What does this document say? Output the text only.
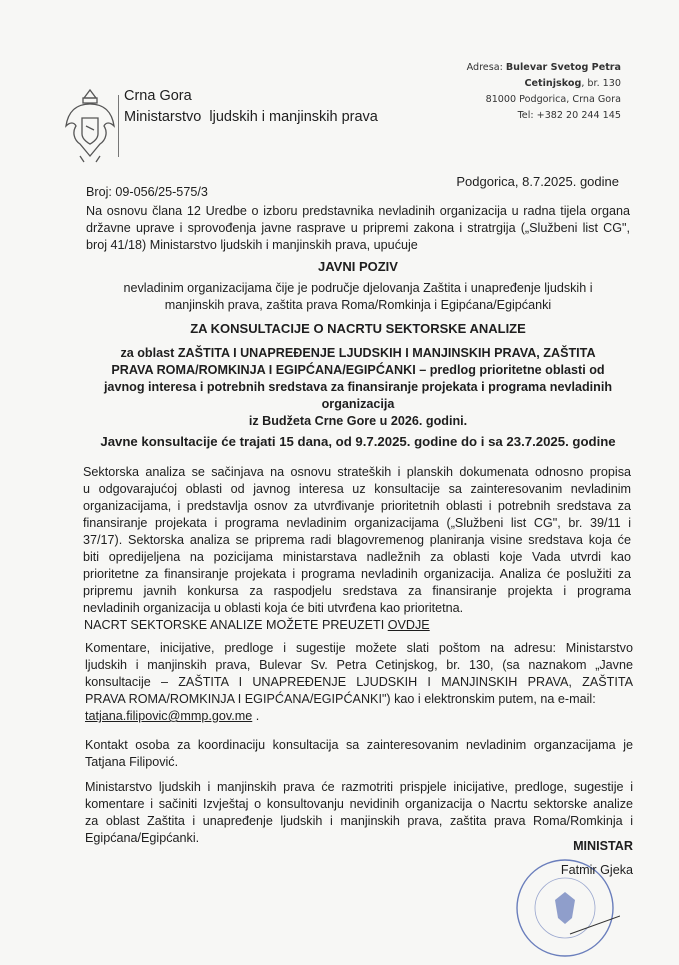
Crna Gora
Ministarstvo  ljudskih i manjinskih prava
Adresa: Bulevar Svetog Petra
Cetinjskog, br. 130
81000 Podgorica, Crna Gora
Tel: +382 20 244 145
Podgorica, 8.7.2025. godine
Broj: 09-056/25-575/3
Na osnovu člana 12 Uredbe o izboru predstavnika nevladinih organizacija u radna tijela organa
državne uprave i sprovođenja javne rasprave u pripremi zakona i stratrgija („Službeni list CG",
broj 41/18) Ministarstvo ljudskih i manjinskih prava, upućuje
JAVNI POZIV
nevladinim organizacijama čije je područje djelovanja Zaštita i unapređenje ljudskih i
manjinskih prava, zaštita prava Roma/Romkinja i Egipćana/Egipćanki
ZA KONSULTACIJE O NACRTU SEKTORSKE ANALIZE
za oblast ZAŠTITA I UNAPREĐENJE LJUDSKIH I MANJINSKIH PRAVA, ZAŠTITA
PRAVA ROMA/ROMKINJA I EGIPĆANA/EGIPĆANKI – predlog prioritetne oblasti od
javnog interesa i potrebnih sredstava za finansiranje projekata i programa nevladinih
organizacija
iz Budžeta Crne Gore u 2026. godini.
Javne konsultacije će trajati 15 dana, od 9.7.2025. godine do i sa 23.7.2025. godine
Sektorska analiza se sačinjava na osnovu strateških i planskih dokumenata odnosno propisa
u odgovarajućoj oblasti od javnog interesa uz konsultacije sa zainteresovanim nevladinim
organizacijama, i predstavlja osnov za utvrđivanje prioritetnih oblasti i potrebnih sredstava za
finansiranje projekata i programa nevladinim organizacijama („Službeni list CG", br. 39/11 i
37/17). Sektorska analiza se priprema radi blagovremenog planiranja visine sredstava koja će
biti opredijeljena na pozicijama ministarstava nadležnih za oblasti koje Vada utvrdi kao
prioritetne za finansiranje projekata i programa nevladinih organizacija. Analiza će poslužiti za
pripremu javnih konkursa za raspodjelu sredstava za finansiranje projekta i programa
nevladinih organizacija u oblasti koja će biti utvrđena kao prioritetna.
NACRT SEKTORSKE ANALIZE MOŽETE PREUZETI OVDJE
Komentare, inicijative, predloge i sugestije možete slati poštom na adresu: Ministarstvo
ljudskih i manjinskih prava, Bulevar Sv. Petra Cetinjskog, br. 130, (sa naznakom „Javne
konsultacije – ZAŠTITA I UNAPREĐENJE LJUDSKIH I MANJINSKIH PRAVA, ZAŠTITA
PRAVA ROMA/ROMKINJA I EGIPĆANA/EGIPĆANKI") kao i elektronskim putem, na e-mail:
tatjana.filipovic@mmp.gov.me .
Kontakt osoba za koordinaciju konsultacija sa zainteresovanim nevladinim organzacijama je
Tatjana Filipović.
Ministarstvo ljudskih i manjinskih prava će razmotriti prispjele inicijative, predloge, sugestije i
komentare i sačiniti Izvještaj o konsultovanju nevidinih organizacija o Nacrtu sektorske analize
za oblast Zaštita i unapređenje ljudskih i manjinskih prava, zaštita prava Roma/Romkinja i
Egipćana/Egipćanki.
MINISTAR
Fatmir Gjeka
